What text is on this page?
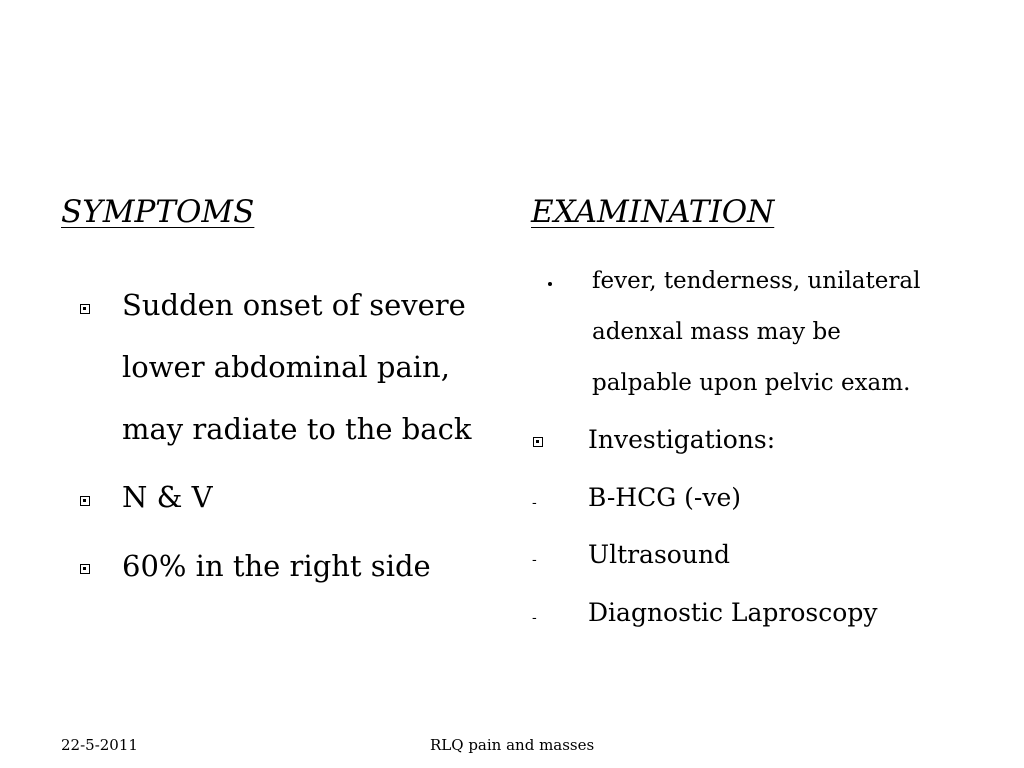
SYMPTOMS	EXAMINATION
Sudden onset of severe
lower abdominal pain,
may radiate to the back
N & V
60% in the right side
fever, tenderness, unilateral
adenxal mass may be
palpable upon pelvic exam.
Investigations:
- B-HCG (-ve)
- Ultrasound
- Diagnostic Laproscopy
22-5-2011	RLQ pain and masses
